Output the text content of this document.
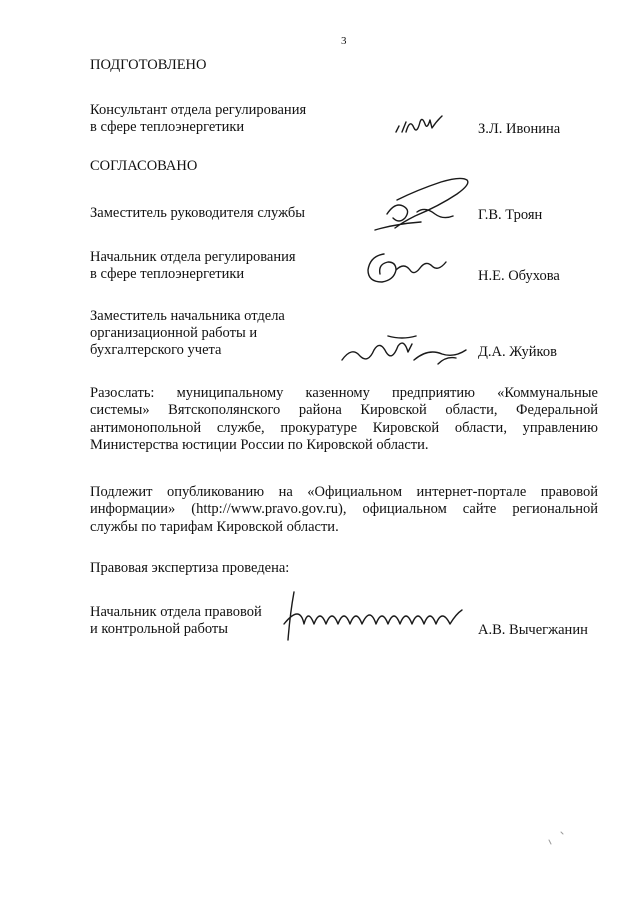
3
ПОДГОТОВЛЕНО
Консультант отдела регулирования
в сфере теплоэнергетики	З.Л. Ивонина
СОГЛАСОВАНО
Заместитель руководителя службы	Г.В. Троян
Начальник отдела регулирования
в сфере теплоэнергетики	Н.Е. Обухова
Заместитель начальника отдела
организационной работы и
бухгалтерского учета	Д.А. Жуйков
Разослать: муниципальному казенному предприятию «Коммунальные
системы» Вятскополянского района Кировской области, Федеральной
антимонопольной службе, прокуратуре Кировской области, управлению
Министерства юстиции России по Кировской области.
Подлежит опубликованию на «Официальном интернет-портале правовой
информации» (http://www.pravo.gov.ru), официальном сайте региональной
службы по тарифам Кировской области.
Правовая экспертиза проведена:
Начальник отдела правовой
и контрольной работы	А.В. Вычегжанин
